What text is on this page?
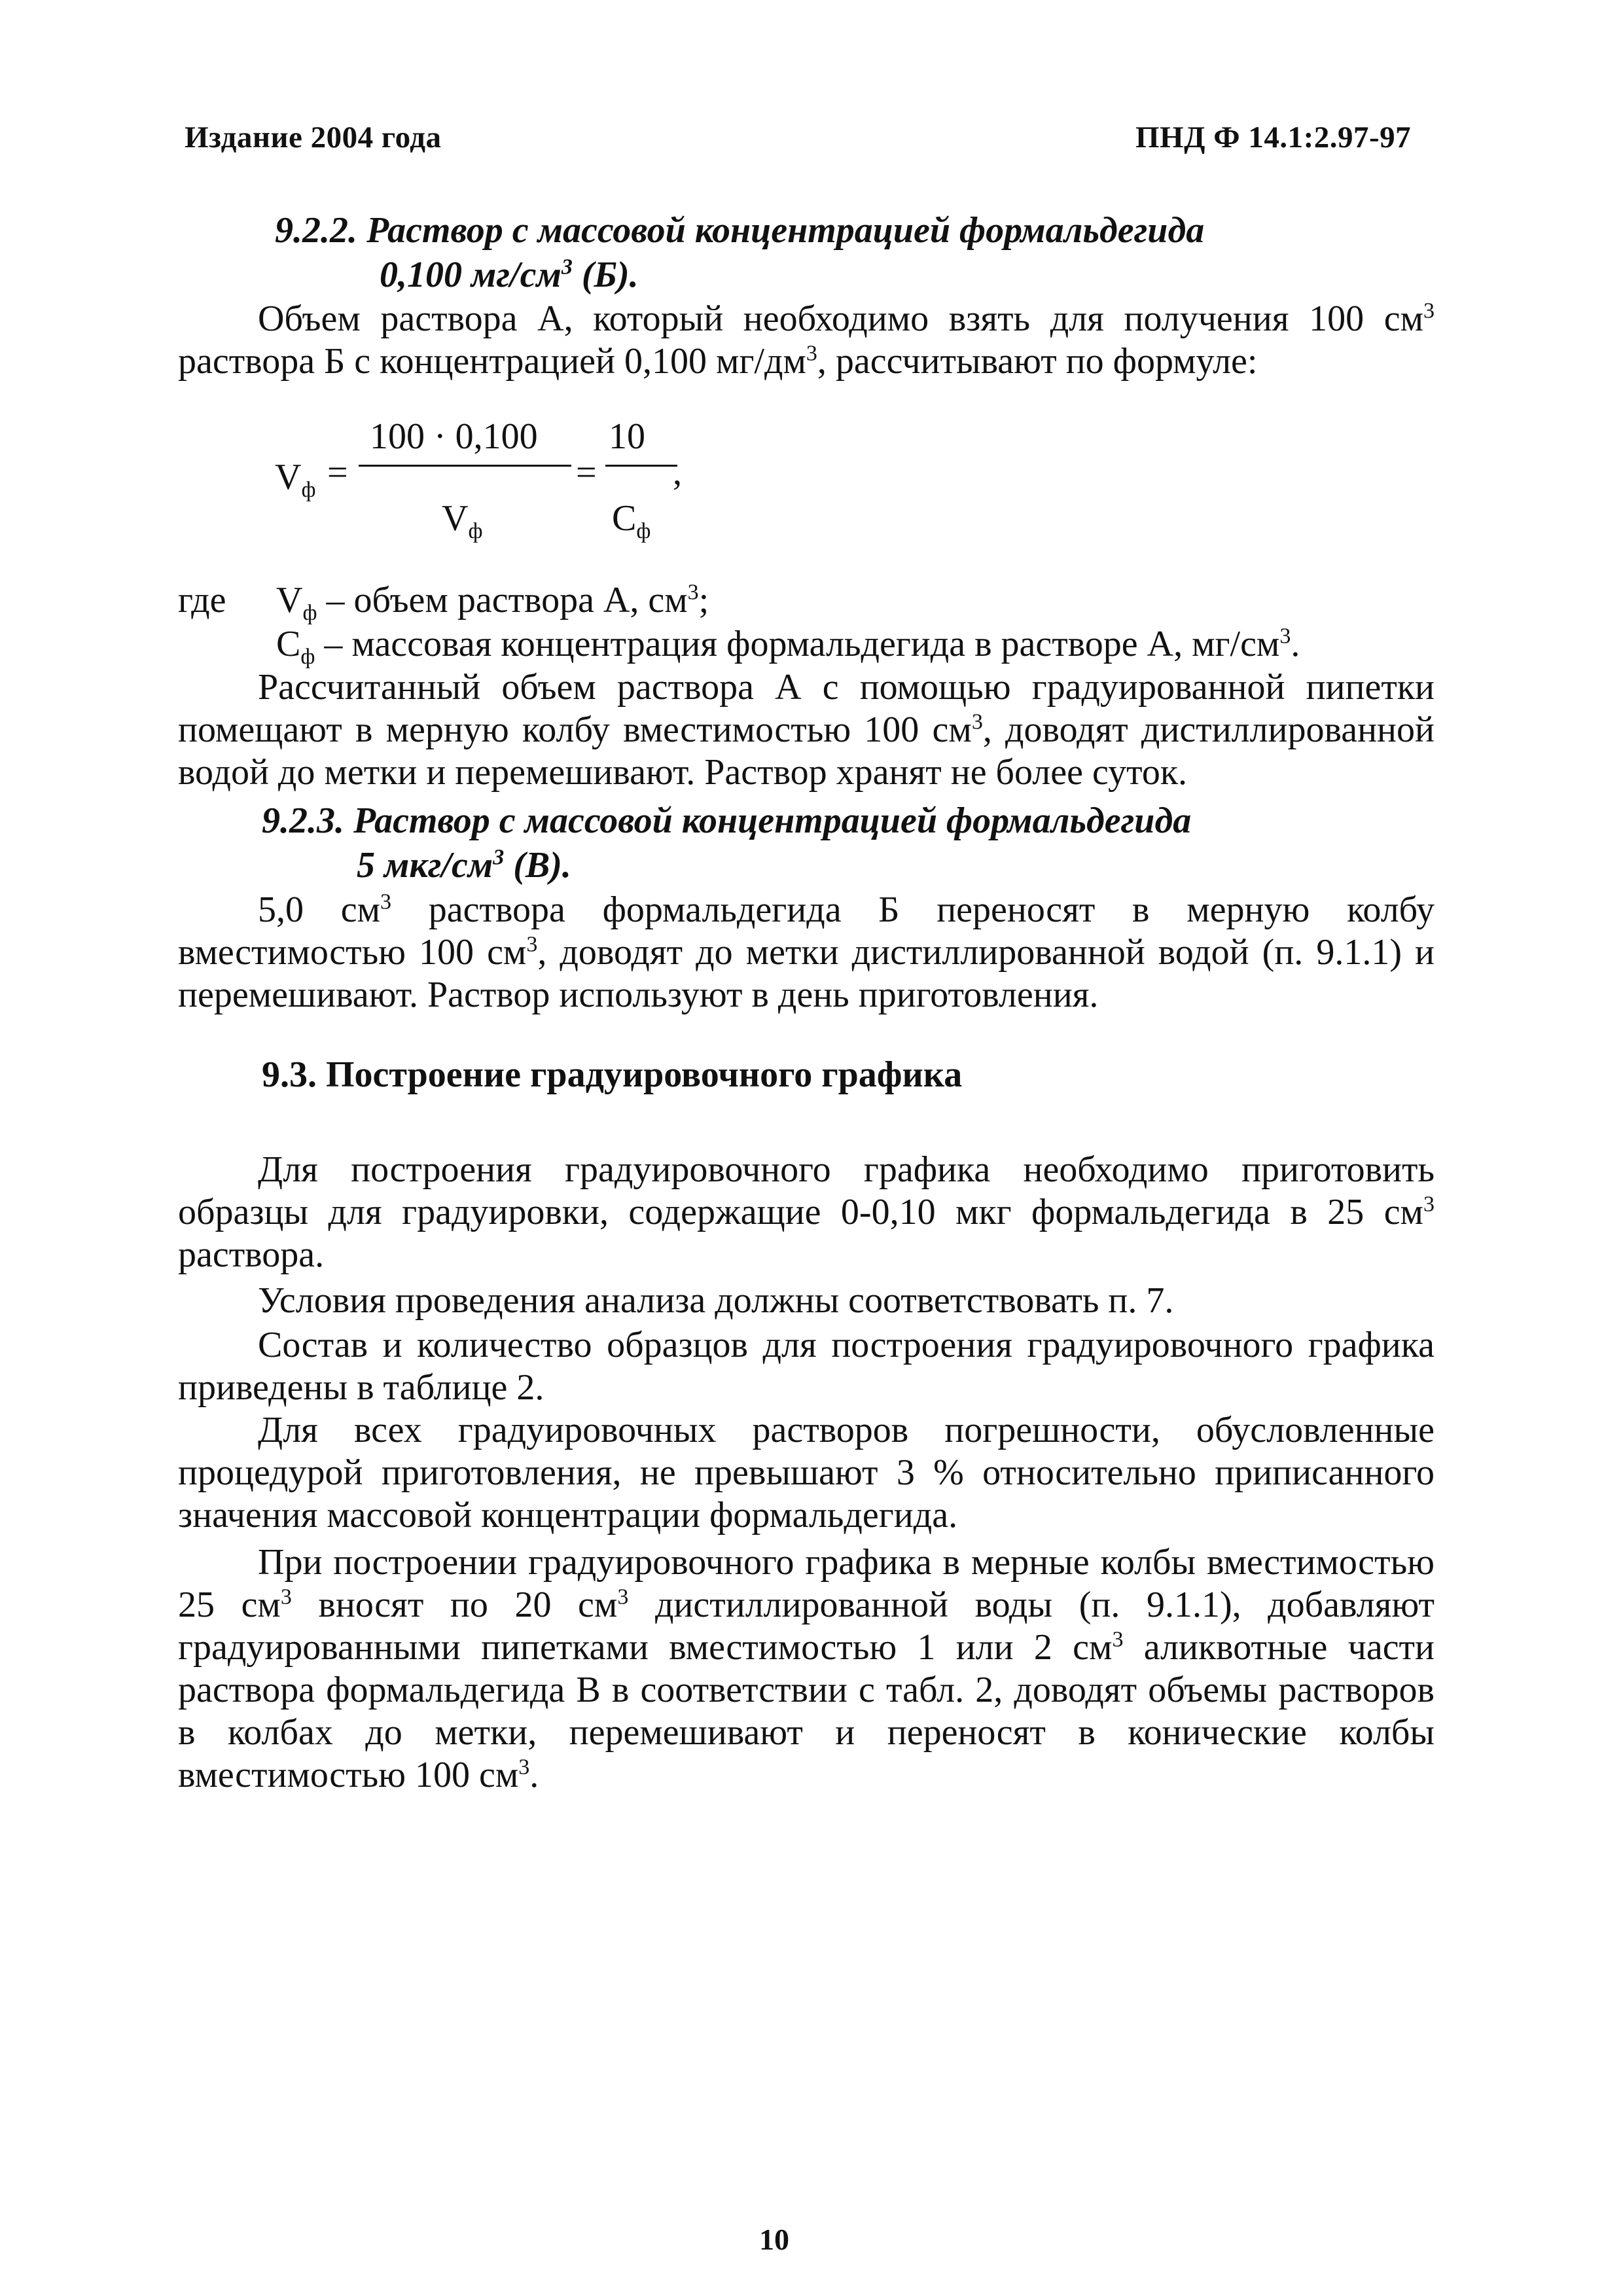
Издание 2004 года	ПНД Ф 14.1:2.97-97
9.2.2. Раствор с массовой концентрацией формальдегида
0,100 $мг/см^3$ (Б).
Объем раствора А, который необходимо взять для получения 100 $см^3$ раствора Б с концентрацией 0,100 $мг/дм^3$, рассчитывают по формуле:
$V_ф$ =
100 · 0,100
$V_ф$
=
10
,
$С_ф$
где $V_ф$ – объем раствора А, $см^3$;
$С_ф$ – массовая концентрация формальдегида в растворе А, $мг/см^3$.
Рассчитанный объем раствора А с помощью градуированной пипетки помещают в мерную колбу вместимостью 100 $см^3$, доводят дистиллированной водой до метки и перемешивают. Раствор хранят не более суток.
9.2.3. Раствор с массовой концентрацией формальдегида
5 мкг/$см^3$ (В).
5,0 $см^3$ раствора формальдегида Б переносят в мерную колбу вместимостью 100 $см^3$, доводят до метки дистиллированной водой (п. 9.1.1) и перемешивают. Раствор используют в день приготовления.
9.3. Построение градуировочного графика
Для построения градуировочного графика необходимо приготовить образцы для градуировки, содержащие 0-0,10 мкг формальдегида в 25 $см^3$ раствора.
Условия проведения анализа должны соответствовать п. 7.
Состав и количество образцов для построения градуировочного графика приведены в таблице 2.
Для всех градуировочных растворов погрешности, обусловленные процедурой приготовления, не превышают 3 % относительно приписанного значения массовой концентрации формальдегида.
При построении градуировочного графика в мерные колбы вместимостью 25 $см^3$ вносят по 20 $см^3$ дистиллированной воды (п. 9.1.1), добавляют градуированными пипетками вместимостью 1 или 2 $см^3$ аликвотные части раствора формальдегида В в соответствии с табл. 2, доводят объемы растворов в колбах до метки, перемешивают и переносят в конические колбы вместимостью 100 $см^3$.
10
